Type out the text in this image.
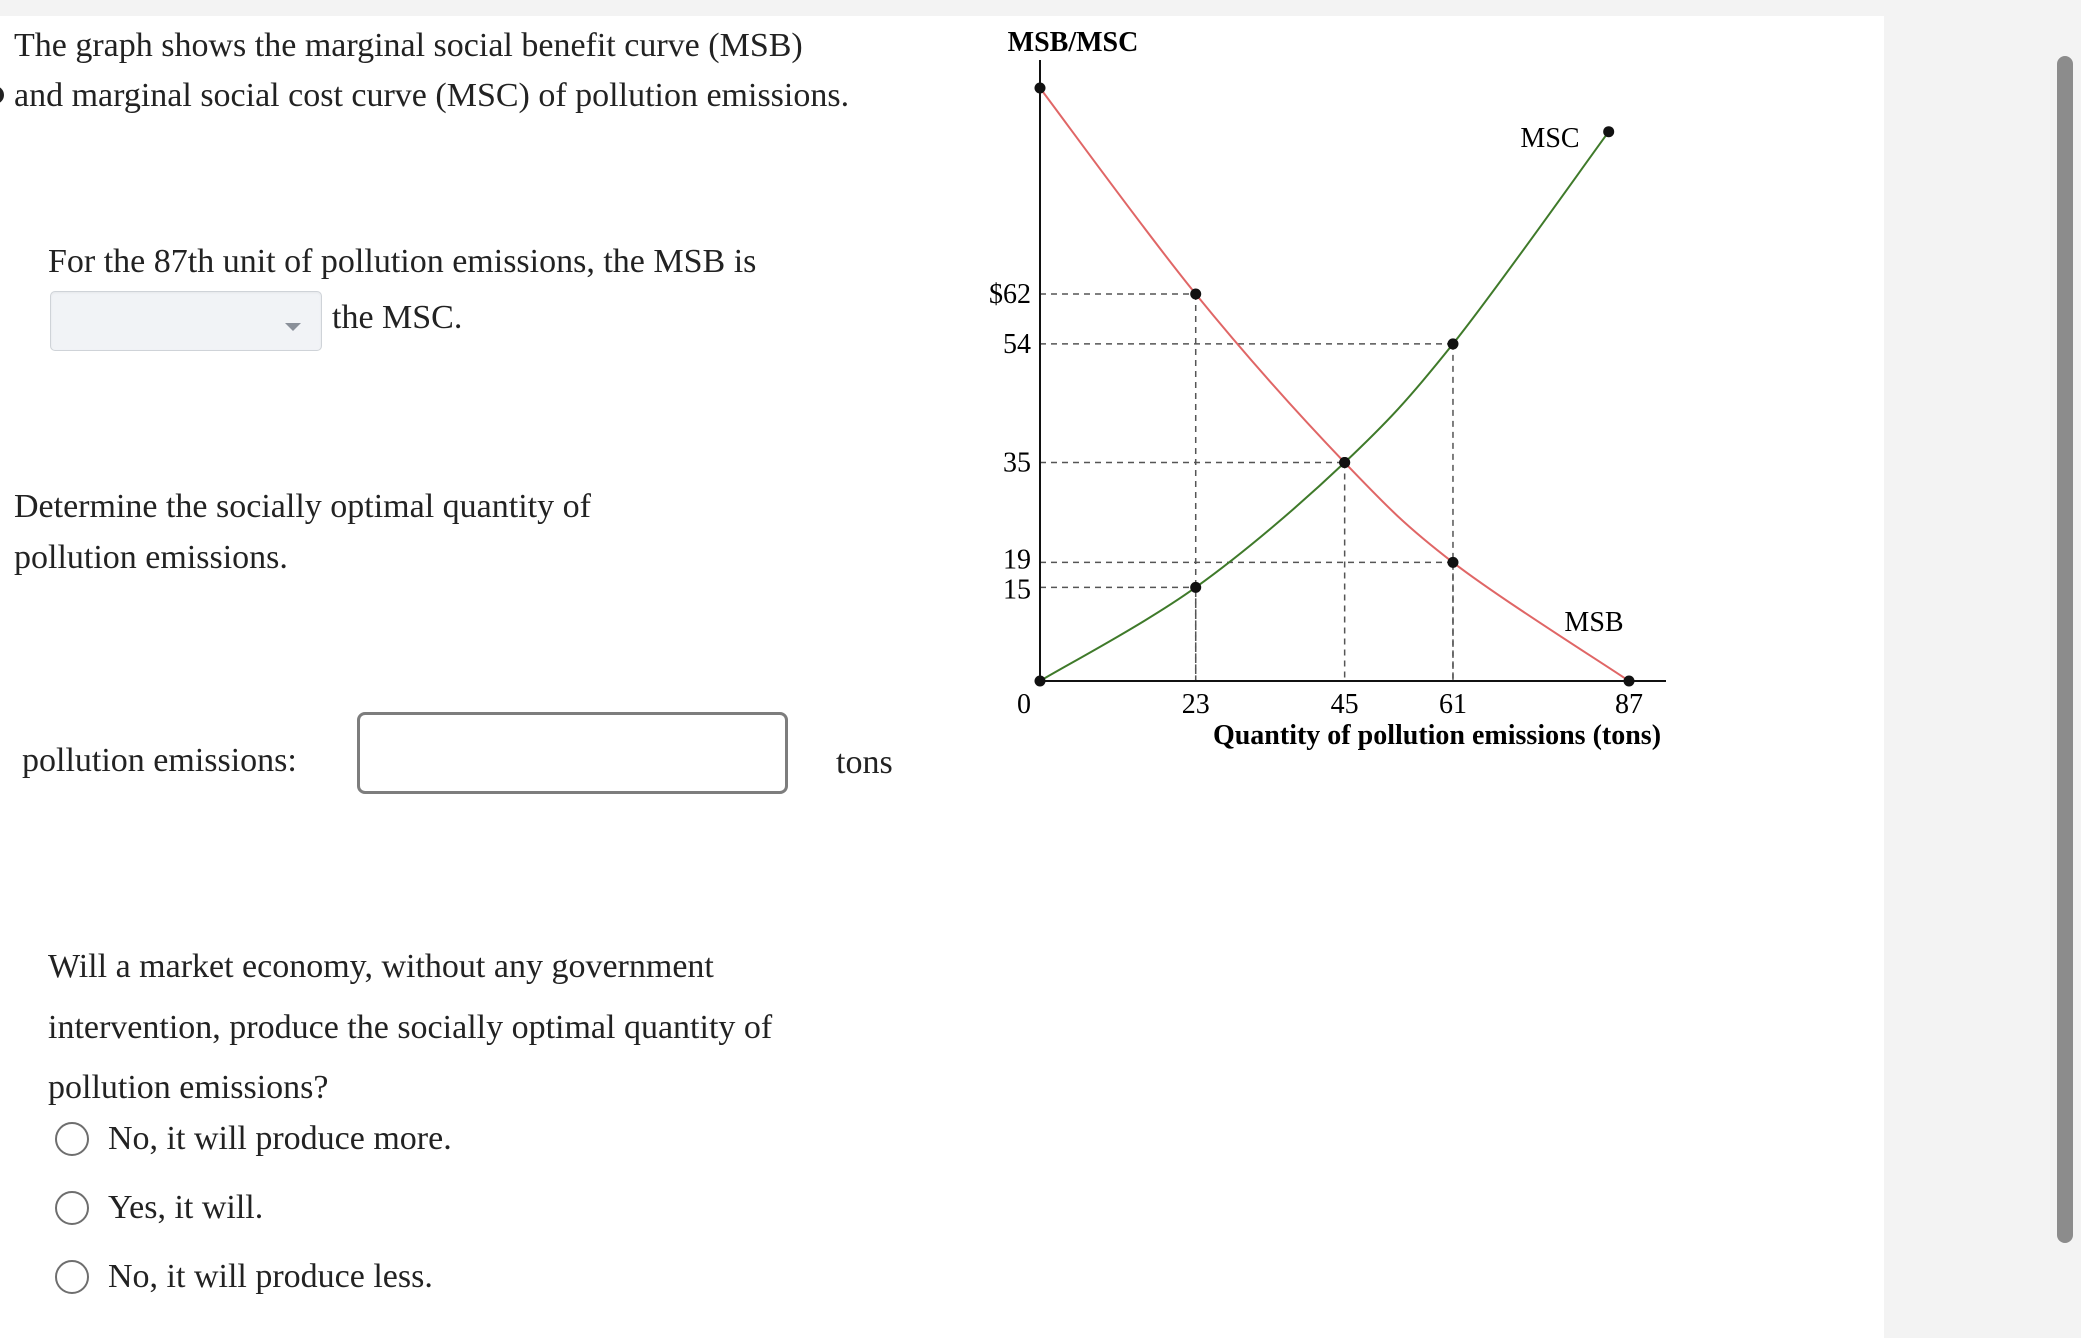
The graph shows the marginal social benefit curve (MSB)
and marginal social cost curve (MSC) of pollution emissions.
For the 87th unit of pollution emissions, the MSB is
the MSC.
Determine the socially optimal quantity of
pollution emissions.
pollution emissions:	tons
Will a market economy, without any government
intervention, produce the socially optimal quantity of
pollution emissions?
No, it will produce more.
Yes, it will.
No, it will produce less.
MSB/MSC
Quantity of pollution emissions (tons)
MSC
MSB
0	23	45	61	87
$62
54
35
19
15
